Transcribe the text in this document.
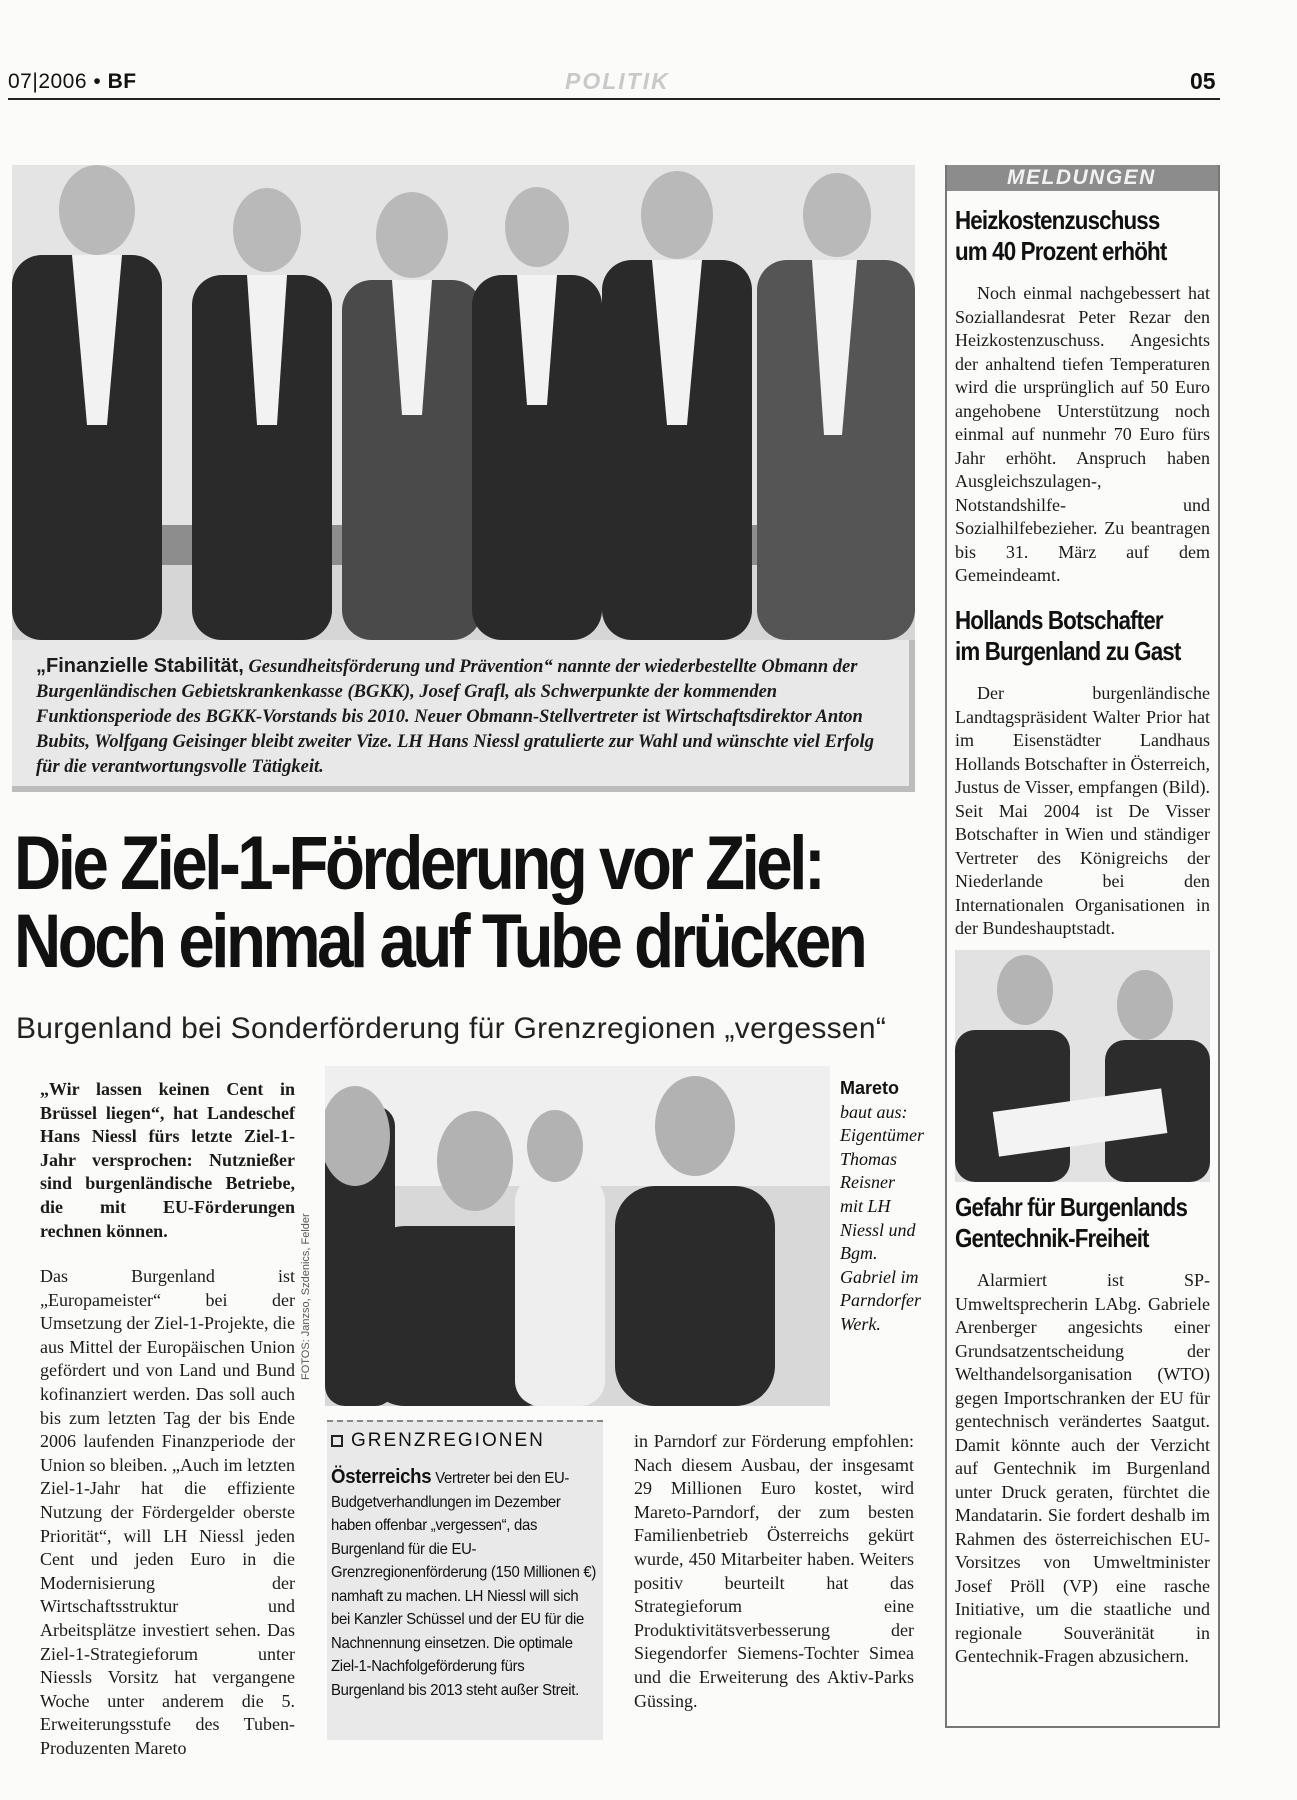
07|2006 • BF	POLITIK	05
„Finanzielle Stabilität, Gesundheitsförderung und Prävention“ nannte der wiederbestellte Obmann der Burgenländischen Gebietskrankenkasse (BGKK), Josef Grafl, als Schwerpunkte der kommenden Funktionsperiode des BGKK-Vorstands bis 2010. Neuer Obmann-Stellvertreter ist Wirtschaftsdirektor Anton Bubits, Wolfgang Geisinger bleibt zweiter Vize. LH Hans Niessl gratulierte zur Wahl und wünschte viel Erfolg für die verantwortungsvolle Tätigkeit.
Die Ziel-1-Förderung vor Ziel:
Noch einmal auf Tube drücken
Burgenland bei Sonderförderung für Grenzregionen „vergessen“
„Wir lassen keinen Cent in Brüssel liegen“, hat Landeschef Hans Niessl fürs letzte Ziel-1-Jahr versprochen: Nutznießer sind burgenländische Betriebe, die mit EU-Förderungen rechnen können.

Das Burgenland ist „Europameister“ bei der Umsetzung der Ziel-1-Projekte, die aus Mittel der Europäischen Union gefördert und von Land und Bund kofinanziert werden. Das soll auch bis zum letzten Tag der bis Ende 2006 laufenden Finanzperiode der Union so bleiben. „Auch im letzten Ziel-1-Jahr hat die effiziente Nutzung der Fördergelder oberste Priorität“, will LH Niessl jeden Cent und jeden Euro in die Modernisierung der Wirtschaftsstruktur und Arbeitsplätze investiert sehen. Das Ziel-1-Strategieforum unter Niessls Vorsitz hat vergangene Woche unter anderem die 5. Erweiterungsstufe des Tuben-Produzenten Mareto

FOTOS: Janzso, Szdenics, Felder
Mareto baut aus: Eigentümer Thomas Reisner mit LH Niessl und Bgm. Gabriel im Parndorfer Werk.
GRENZREGIONEN
Österreichs Vertreter bei den EU-Budgetverhandlungen im Dezember haben offenbar „vergessen“, das Burgenland für die EU-Grenzregionenförderung (150 Millionen €) namhaft zu machen. LH Niessl will sich bei Kanzler Schüssel und der EU für die Nachnennung einsetzen. Die optimale Ziel-1-Nachfolgeförderung fürs Burgenland bis 2013 steht außer Streit.
in Parndorf zur Förderung empfohlen: Nach diesem Ausbau, der insgesamt 29 Millionen Euro kostet, wird Mareto-Parndorf, der zum besten Familienbetrieb Österreichs gekürt wurde, 450 Mitarbeiter haben. Weiters positiv beurteilt hat das Strategieforum eine Produktivitätsverbesserung der Siegendorfer Siemens-Tochter Simea und die Erweiterung des Aktiv-Parks Güssing.
MELDUNGEN
Heizkostenzuschuss
um 40 Prozent erhöht
Noch einmal nachgebessert hat Soziallandesrat Peter Rezar den Heizkostenzuschuss. Angesichts der anhaltend tiefen Temperaturen wird die ursprünglich auf 50 Euro angehobene Unterstützung noch einmal auf nunmehr 70 Euro fürs Jahr erhöht. Anspruch haben Ausgleichszulagen-, Notstandshilfe- und Sozialhilfebezieher. Zu beantragen bis 31. März auf dem Gemeindeamt.
Hollands Botschafter
im Burgenland zu Gast
Der burgenländische Landtagspräsident Walter Prior hat im Eisenstädter Landhaus Hollands Botschafter in Österreich, Justus de Visser, empfangen (Bild). Seit Mai 2004 ist De Visser Botschafter in Wien und ständiger Vertreter des Königreichs der Niederlande bei den Internationalen Organisationen in der Bundeshauptstadt.
Gefahr für Burgenlands
Gentechnik-Freiheit
Alarmiert ist SP-Umweltsprecherin LAbg. Gabriele Arenberger angesichts einer Grundsatzentscheidung der Welthandelsorganisation (WTO) gegen Importschranken der EU für gentechnisch verändertes Saatgut. Damit könnte auch der Verzicht auf Gentechnik im Burgenland unter Druck geraten, fürchtet die Mandatarin. Sie fordert deshalb im Rahmen des österreichischen EU-Vorsitzes von Umweltminister Josef Pröll (VP) eine rasche Initiative, um die staatliche und regionale Souveränität in Gentechnik-Fragen abzusichern.
